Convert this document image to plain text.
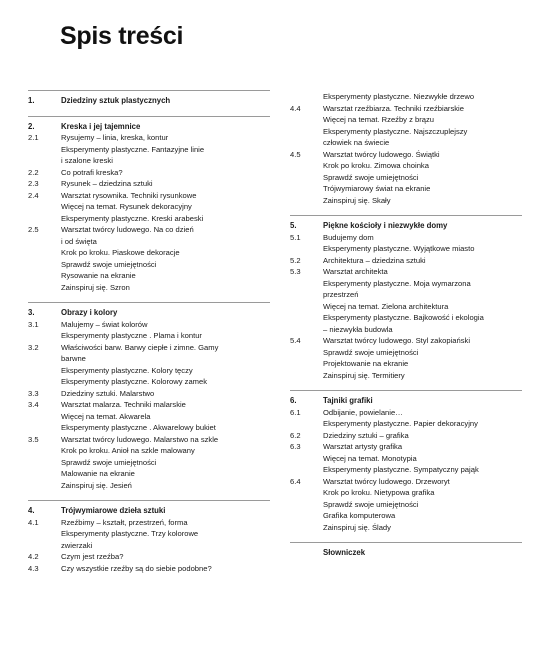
Spis treści
1.	Dziedziny sztuk plastycznych
2.	Kreska i jej tajemnice
2.1	Rysujemy – linia, kreska, kontur
Eksperymenty plastyczne. Fantazyjne linie
i szalone kreski
2.2	Co potrafi kreska?
2.3	Rysunek – dziedzina sztuki
2.4	Warsztat rysownika. Techniki rysunkowe
Więcej na temat. Rysunek dekoracyjny
Eksperymenty plastyczne. Kreski arabeski
2.5	Warsztat twórcy ludowego. Na co dzień
i od święta
Krok po kroku. Piaskowe dekoracje
Sprawdź swoje umiejętności
Rysowanie na ekranie
Zainspiruj się. Szron
3.	Obrazy i kolory
3.1	Malujemy – świat kolorów
Eksperymenty plastyczne . Plama i kontur
3.2	Właściwości barw. Barwy ciepłe i zimne. Gamy
barwne
Eksperymenty plastyczne. Kolory tęczy
Eksperymenty plastyczne. Kolorowy zamek
3.3	Dziedziny sztuki. Malarstwo
3.4	Warsztat malarza. Techniki malarskie
Więcej na temat. Akwarela
Eksperymenty plastyczne . Akwarelowy bukiet
3.5	Warsztat twórcy ludowego. Malarstwo na szkle
Krok po kroku. Anioł na szkle malowany
Sprawdź swoje umiejętności
Malowanie na ekranie
Zainspiruj się. Jesień
4.	Trójwymiarowe dzieła sztuki
4.1	Rzeźbimy – kształt, przestrzeń, forma
Eksperymenty plastyczne. Trzy kolorowe
zwierzaki
4.2	Czym jest rzeźba?
4.3	Czy wszystkie rzeźby są do siebie podobne?
Eksperymenty plastyczne. Niezwykłe drzewo
4.4	Warsztat rzeźbiarza. Techniki rzeźbiarskie
Więcej na temat. Rzeźby z brązu
Eksperymenty plastyczne. Najszczuplejszy
człowiek na świecie
4.5	Warsztat twórcy ludowego. Świątki
Krok po kroku. Zimowa choinka
Sprawdź swoje umiejętności
Trójwymiarowy świat na ekranie
Zainspiruj się. Skały
5.	Piękne kościoły i niezwykłe domy
5.1	Budujemy dom
Eksperymenty plastyczne. Wyjątkowe miasto
5.2	Architektura – dziedzina sztuki
5.3	Warsztat architekta
Eksperymenty plastyczne. Moja wymarzona
przestrzeń
Więcej na temat. Zielona architektura
Eksperymenty plastyczne. Bajkowość i ekologia
– niezwykła budowla
5.4	Warsztat twórcy ludowego. Styl zakopiański
Sprawdź swoje umiejętności
Projektowanie na ekranie
Zainspiruj się. Termitiery
6.	Tajniki grafiki
6.1	Odbijanie, powielanie…
Eksperymenty plastyczne. Papier dekoracyjny
6.2	Dziedziny sztuki – grafika
6.3	Warsztat artysty grafika
Więcej na temat. Monotypia
Eksperymenty plastyczne. Sympatyczny pająk
6.4	Warsztat twórcy ludowego. Drzeworyt
Krok po kroku. Nietypowa grafika
Sprawdź swoje umiejętności
Grafika komputerowa
Zainspiruj się. Ślady
Słowniczek
